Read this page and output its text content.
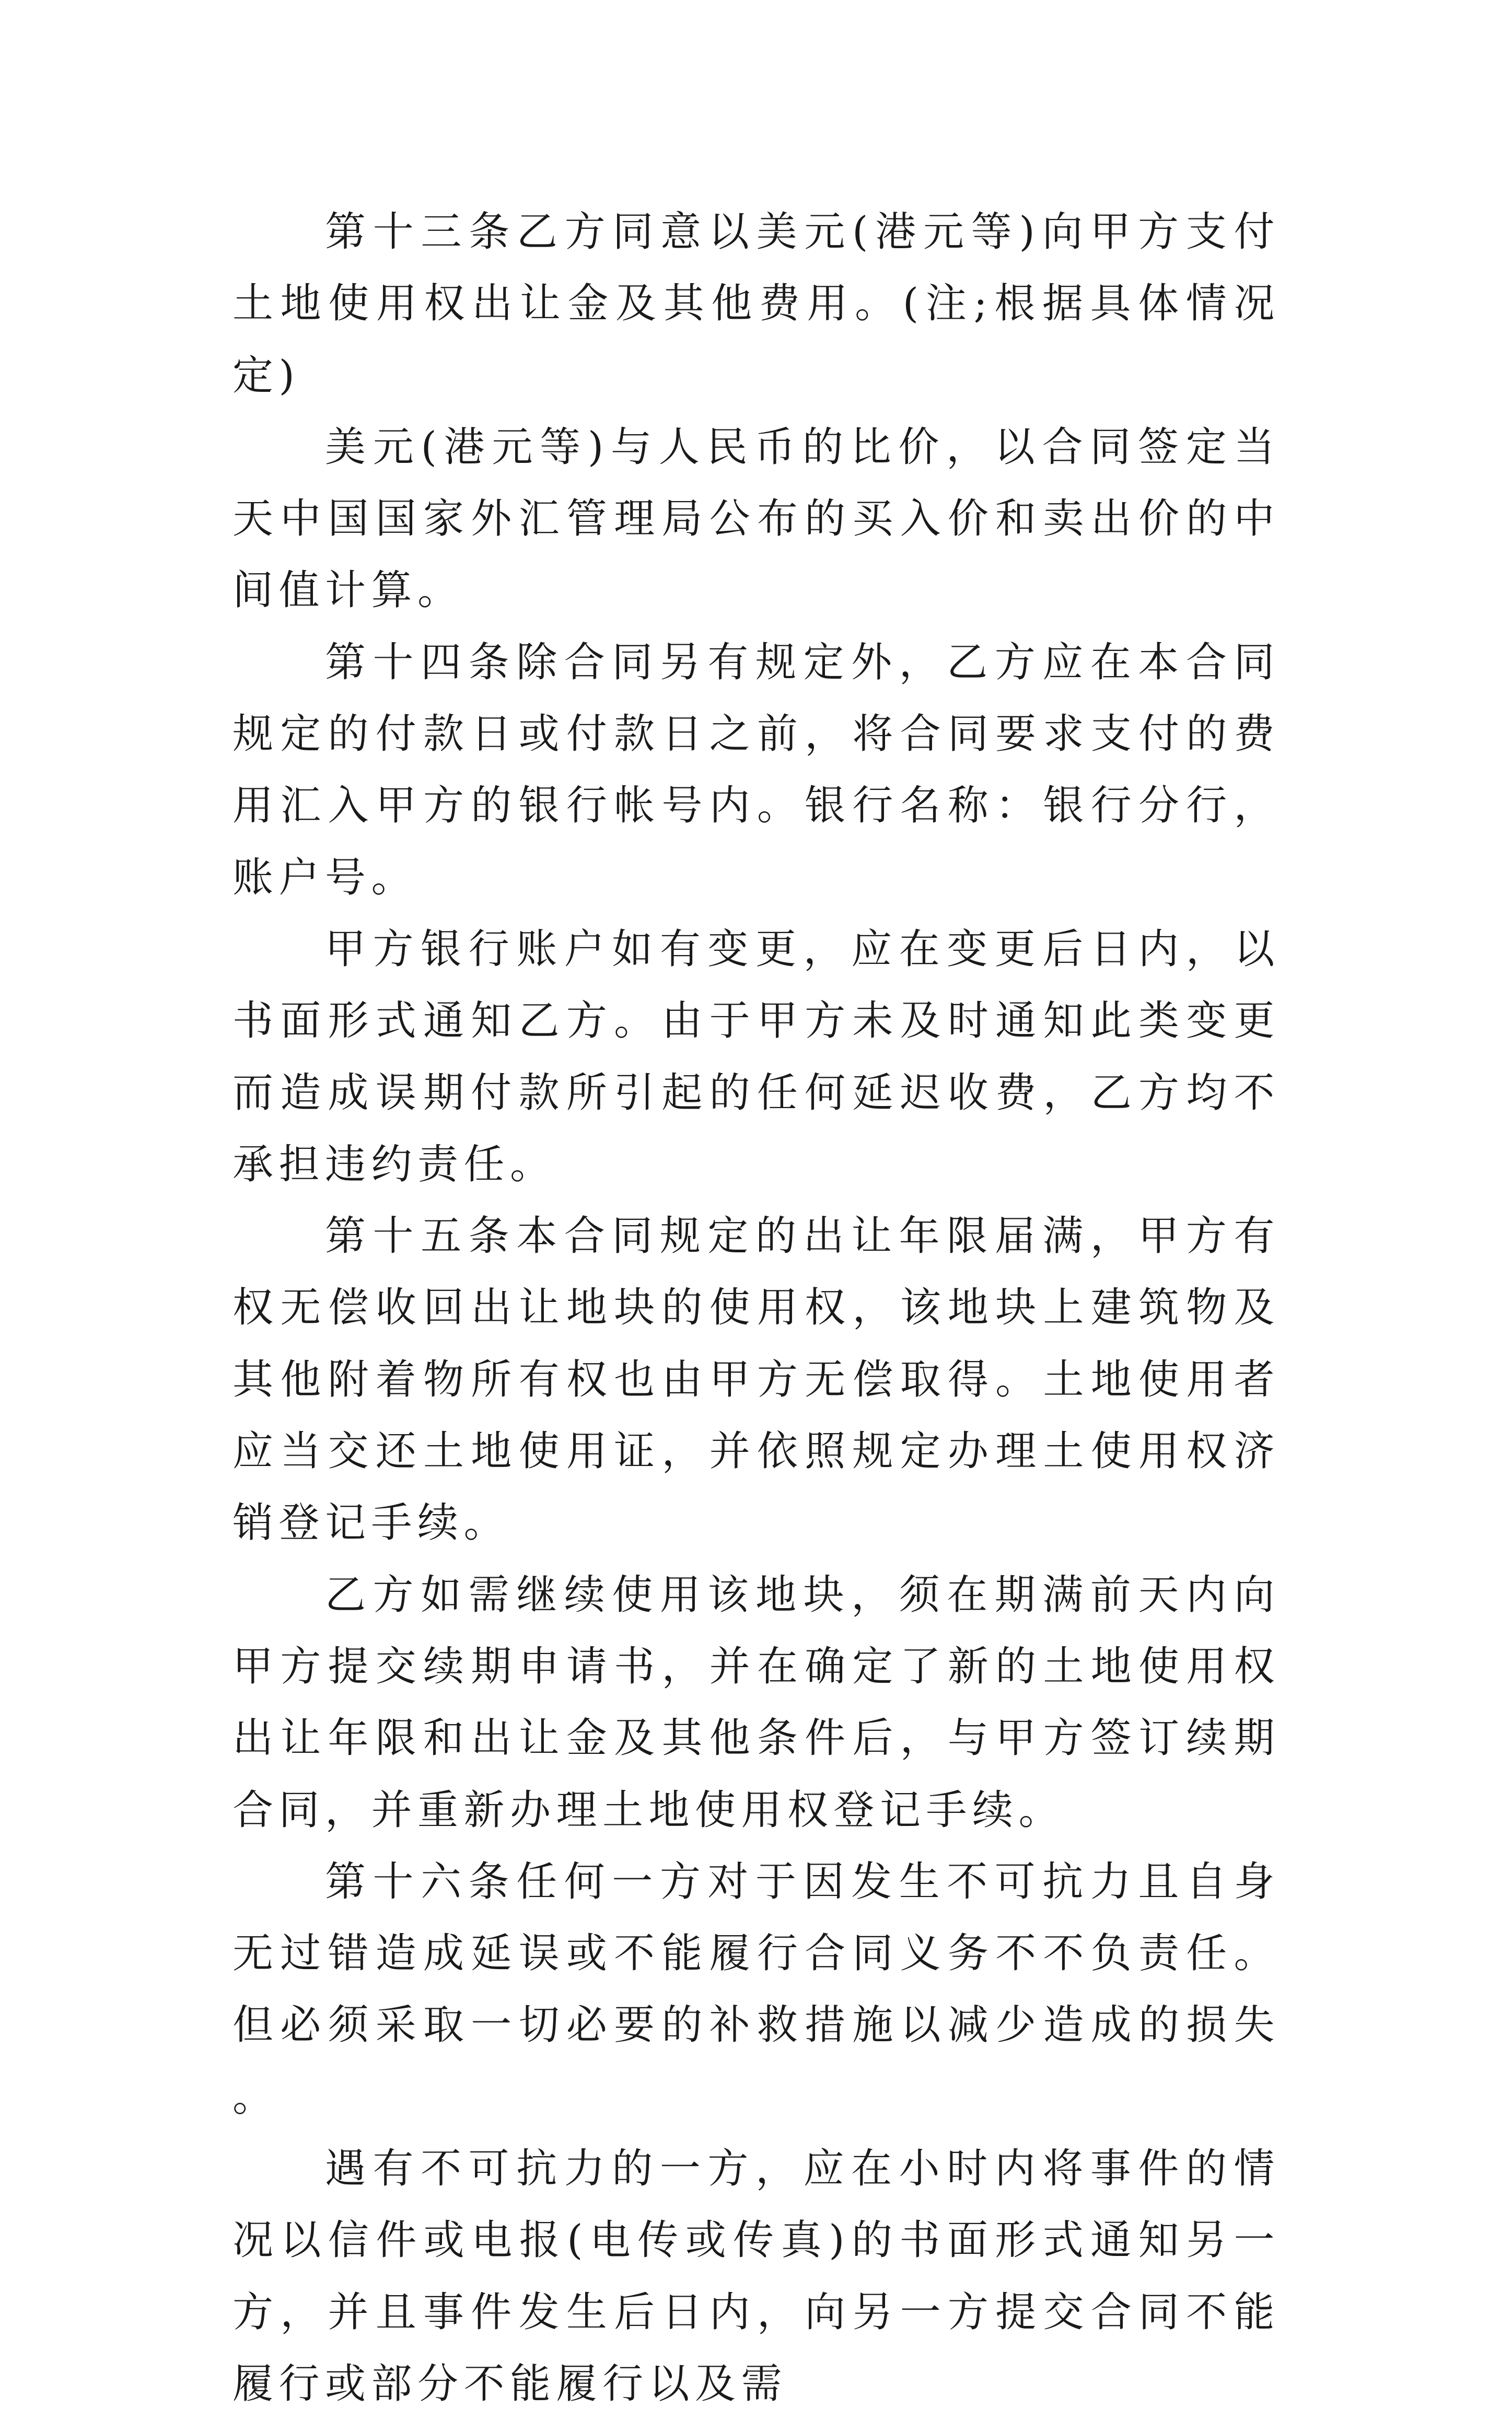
第十三条乙方同意以美元(港元等)向甲方支付土地使用权出让金及其他费用。(注;根据具体情况定)

美元(港元等)与人民币的比价，以合同签定当天中国国家外汇管理局公布的买入价和卖出价的中间值计算。

第十四条除合同另有规定外，乙方应在本合同规定的付款日或付款日之前，将合同要求支付的费用汇入甲方的银行帐号内。银行名称：银行分行，账户号。

甲方银行账户如有变更，应在变更后日内，以书面形式通知乙方。由于甲方未及时通知此类变更而造成误期付款所引起的任何延迟收费，乙方均不承担违约责任。

第十五条本合同规定的出让年限届满，甲方有权无偿收回出让地块的使用权，该地块上建筑物及其他附着物所有权也由甲方无偿取得。土地使用者应当交还土地使用证，并依照规定办理土使用权济销登记手续。

乙方如需继续使用该地块，须在期满前天内向甲方提交续期申请书，并在确定了新的土地使用权出让年限和出让金及其他条件后，与甲方签订续期合同，并重新办理土地使用权登记手续。

第十六条任何一方对于因发生不可抗力且自身无过错造成延误或不能履行合同义务不不负责任。但必须采取一切必要的补救措施以减少造成的损失。

遇有不可抗力的一方，应在小时内将事件的情况以信件或电报(电传或传真)的书面形式通知另一方，并且事件发生后日内，向另一方提交合同不能履行或部分不能履行以及需
